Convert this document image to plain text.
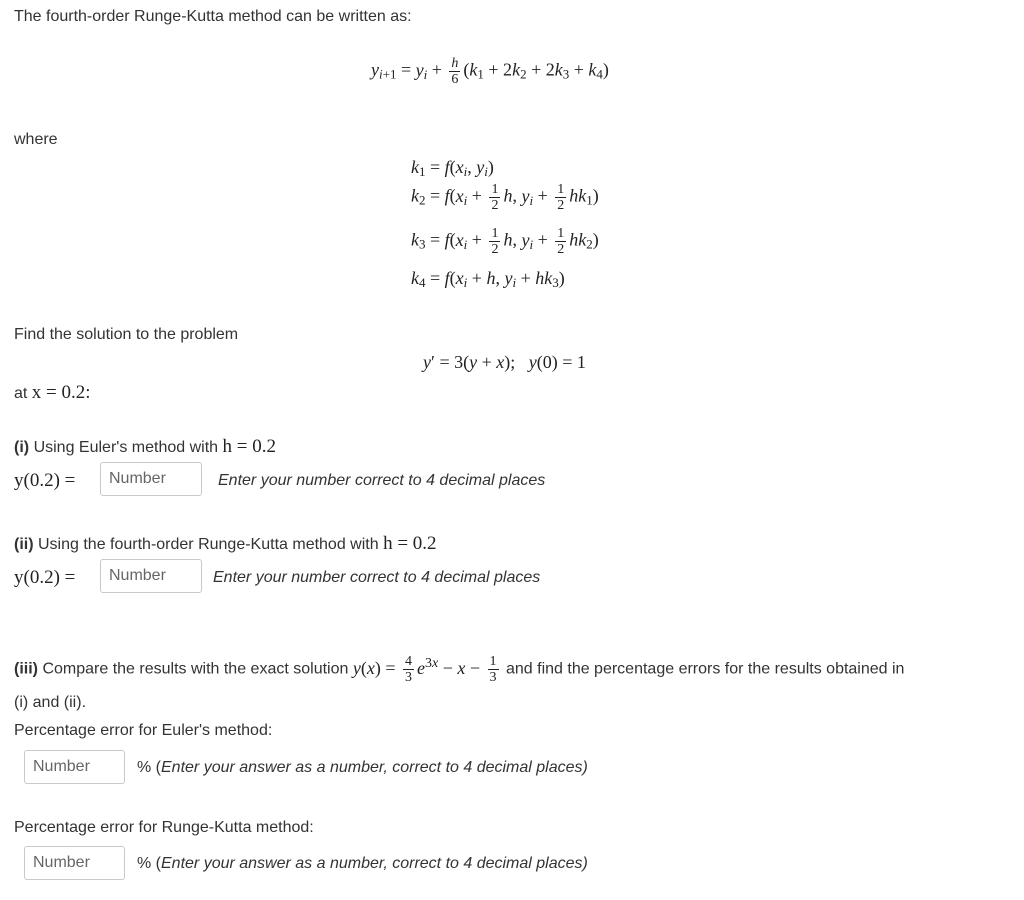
The fourth-order Runge-Kutta method can be written as:
$y_{i+1} = y_i + \frac{h}{6} (k_1 + 2k_2 + 2k_3 + k_4)$
where
$k_1 = f(x_i$, $y_i$)
$k_2 = f(x_i + \frac{1}{2} h$, $y_i + \frac{1}{2} hk_1$)
$k_3 = f(x_i + \frac{1}{2} h$, $y_i + \frac{1}{2} hk_2$)
$k_4 = f(x_i + h$, $y_i + hk_3$)
Find the solution to the problem
y′ = 3(y + x);   y(0) = 1
at x = 0.2:
(i) Using Euler's method with h = 0.2
y(0.2) =	Number	Enter your number correct to 4 decimal places
(ii) Using the fourth-order Runge-Kutta method with h = 0.2
y(0.2) =	Number	Enter your number correct to 4 decimal places
(iii) Compare the results with the exact solution $y(x) = \frac{4}{3} e^{3x} - x - \frac{1}{3}$ and find the percentage errors for the results obtained in
(i) and (ii).
Percentage error for Euler's method:
Number	% (Enter your answer as a number, correct to 4 decimal places)
Percentage error for Runge-Kutta method:
Number	% (Enter your answer as a number, correct to 4 decimal places)
